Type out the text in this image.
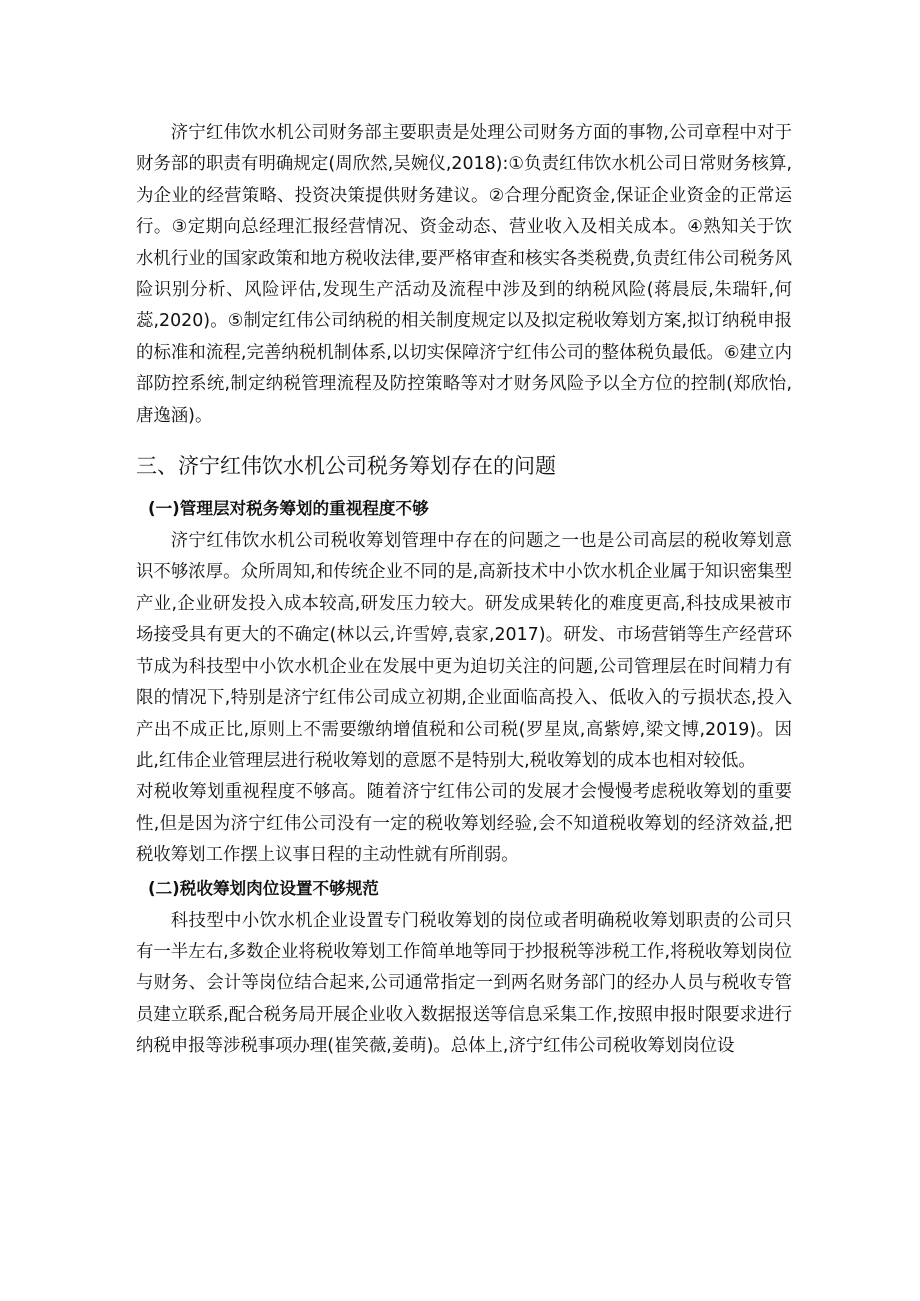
济宁红伟饮水机公司财务部主要职责是处理公司财务方面的事物,公司章程中对于财务部的职责有明确规定(周欣然,吴婉仪,2018):①负责红伟饮水机公司日常财务核算,为企业的经营策略、投资决策提供财务建议。②合理分配资金,保证企业资金的正常运行。③定期向总经理汇报经营情况、资金动态、营业收入及相关成本。④熟知关于饮水机行业的国家政策和地方税收法律,要严格审查和核实各类税费,负责红伟公司税务风险识别分析、风险评估,发现生产活动及流程中涉及到的纳税风险(蒋晨辰,朱瑞轩,何蕊,2020)。⑤制定红伟公司纳税的相关制度规定以及拟定税收筹划方案,拟订纳税申报的标准和流程,完善纳税机制体系,以切实保障济宁红伟公司的整体税负最低。⑥建立内部防控系统,制定纳税管理流程及防控策略等对才财务风险予以全方位的控制(郑欣怡,唐逸涵)。

三、济宁红伟饮水机公司税务筹划存在的问题
(一)管理层对税务筹划的重视程度不够

济宁红伟饮水机公司税收筹划管理中存在的问题之一也是公司高层的税收筹划意识不够浓厚。众所周知,和传统企业不同的是,高新技术中小饮水机企业属于知识密集型产业,企业研发投入成本较高,研发压力较大。研发成果转化的难度更高,科技成果被市场接受具有更大的不确定(林以云,许雪婷,袁家,2017)。研发、市场营销等生产经营环节成为科技型中小饮水机企业在发展中更为迫切关注的问题,公司管理层在时间精力有限的情况下,特别是济宁红伟公司成立初期,企业面临高投入、低收入的亏损状态,投入产出不成正比,原则上不需要缴纳增值税和公司税(罗星岚,高紫婷,梁文博,2019)。因此,红伟企业管理层进行税收筹划的意愿不是特别大,税收筹划的成本也相对较低。

对税收筹划重视程度不够高。随着济宁红伟公司的发展才会慢慢考虑税收筹划的重要性,但是因为济宁红伟公司没有一定的税收筹划经验,会不知道税收筹划的经济效益,把税收筹划工作摆上议事日程的主动性就有所削弱。

(二)税收筹划肉位设置不够规范

科技型中小饮水机企业设置专门税收筹划的岗位或者明确税收筹划职责的公司只有一半左右,多数企业将税收筹划工作简单地等同于抄报税等涉税工作,将税收筹划岗位与财务、会计等岗位结合起来,公司通常指定一到两名财务部门的经办人员与税收专管员建立联系,配合税务局开展企业收入数据报送等信息采集工作,按照申报时限要求进行纳税申报等涉税事项办理(崔笑薇,姜萌)。总体上,济宁红伟公司税收筹划岗位设
